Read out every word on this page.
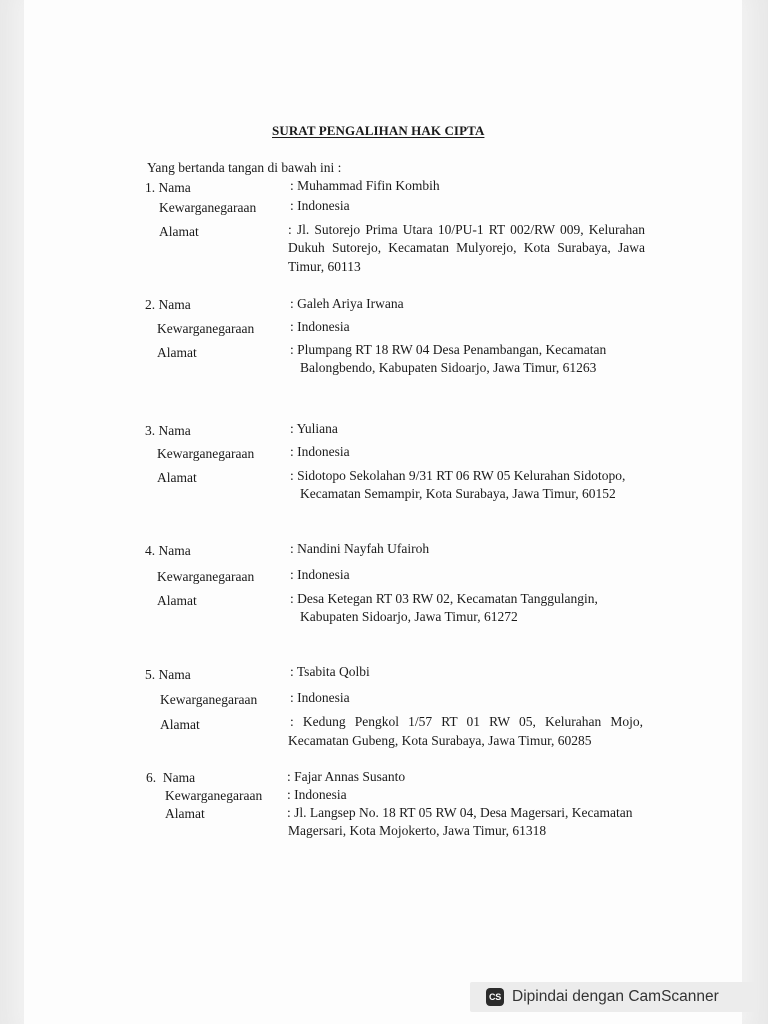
SURAT PENGALIHAN HAK CIPTA
Yang bertanda tangan di bawah ini :
1. Nama	: Muhammad Fifin Kombih
Kewarganegaraan	: Indonesia
Alamat	: Jl. Sutorejo Prima Utara 10/PU-1 RT 002/RW 009, Kelurahan
Dukuh Sutorejo, Kecamatan Mulyorejo, Kota Surabaya, Jawa
Timur, 60113
2. Nama	: Galeh Ariya Irwana
Kewarganegaraan	: Indonesia
Alamat	: Plumpang RT 18 RW 04 Desa Penambangan, Kecamatan
Balongbendo, Kabupaten Sidoarjo, Jawa Timur, 61263
3. Nama	: Yuliana
Kewarganegaraan	: Indonesia
Alamat	: Sidotopo Sekolahan 9/31 RT 06 RW 05 Kelurahan Sidotopo,
Kecamatan Semampir, Kota Surabaya, Jawa Timur, 60152
4. Nama	: Nandini Nayfah Ufairoh
Kewarganegaraan	: Indonesia
Alamat	: Desa Ketegan RT 03 RW 02, Kecamatan Tanggulangin,
Kabupaten Sidoarjo, Jawa Timur, 61272
5. Nama	: Tsabita Qolbi
Kewarganegaraan : Indonesia
Alamat	: Kedung Pengkol 1/57 RT 01 RW 05, Kelurahan Mojo,
Kecamatan Gubeng, Kota Surabaya, Jawa Timur, 60285
6.  Nama	: Fajar Annas Susanto
Kewarganegaraan : Indonesia
Alamat	: Jl. Langsep No. 18 RT 05 RW 04, Desa Magersari, Kecamatan
Magersari, Kota Mojokerto, Jawa Timur, 61318
CS Dipindai dengan CamScanner
